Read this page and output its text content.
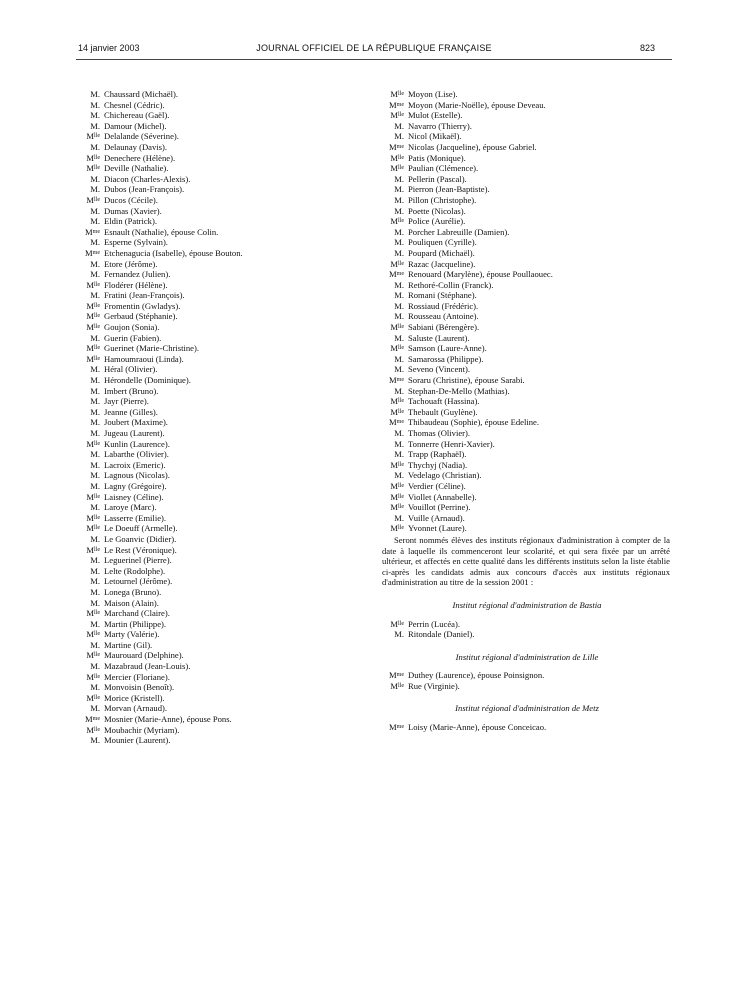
14 janvier 2003	JOURNAL OFFICIEL DE LA RÉPUBLIQUE FRANÇAISE	823
M. Chaussard (Michaël).
M. Chesnel (Cédric).
M. Chichereau (Gaël).
M. Damour (Michel).
$M^{lle}$ Delalande (Séverine).
M. Delaunay (Davis).
$M^{lle}$ Denechere (Hélène).
$M^{lle}$ Deville (Nathalie).
M. Diacon (Charles-Alexis).
M. Dubos (Jean-François).
$M^{lle}$ Ducos (Cécile).
M. Dumas (Xavier).
M. Eldin (Patrick).
$M^{me}$ Esnault (Nathalie), épouse Colin.
M. Esperne (Sylvain).
$M^{me}$ Etchenagucia (Isabelle), épouse Bouton.
M. Etore (Jérôme).
M. Fernandez (Julien).
$M^{lle}$ Flodérer (Hélène).
M. Fratini (Jean-François).
$M^{lle}$ Fromentin (Gwladys).
$M^{lle}$ Gerbaud (Stéphanie).
$M^{lle}$ Goujon (Sonia).
M. Guerin (Fabien).
$M^{lle}$ Guerinet (Marie-Christine).
$M^{lle}$ Hamoumraoui (Linda).
M. Héral (Olivier).
M. Hérondelle (Dominique).
M. Imbert (Bruno).
M. Jayr (Pierre).
M. Jeanne (Gilles).
M. Joubert (Maxime).
M. Jugeau (Laurent).
$M^{lle}$ Kunlin (Laurence).
M. Labarthe (Olivier).
M. Lacroix (Emeric).
M. Lagnous (Nicolas).
M. Lagny (Grégoire).
$M^{lle}$ Laisney (Céline).
M. Laroye (Marc).
$M^{lle}$ Lasserre (Emilie).
$M^{lle}$ Le Doeuff (Armelle).
M. Le Goanvic (Didier).
$M^{lle}$ Le Rest (Véronique).
M. Leguerinel (Pierre).
M. Lelte (Rodolphe).
M. Letournel (Jérôme).
M. Lonega (Bruno).
M. Maison (Alain).
$M^{lle}$ Marchand (Claire).
M. Martin (Philippe).
$M^{lle}$ Marty (Valérie).
M. Martine (Gil).
$M^{lle}$ Maurouard (Delphine).
M. Mazabraud (Jean-Louis).
$M^{lle}$ Mercier (Floriane).
M. Monvoisin (Benoît).
$M^{lle}$ Morice (Kristell).
M. Morvan (Arnaud).
$M^{me}$ Mosnier (Marie-Anne), épouse Pons.
$M^{lle}$ Moubachir (Myriam).
M. Mounier (Laurent).
$M^{lle}$ Moyon (Lise).
$M^{me}$ Moyon (Marie-Noëlle), épouse Deveau.
$M^{lle}$ Mulot (Estelle).
M. Navarro (Thierry).
M. Nicol (Mikaël).
$M^{me}$ Nicolas (Jacqueline), épouse Gabriel.
$M^{lle}$ Patis (Monique).
$M^{lle}$ Paulian (Clémence).
M. Pellerin (Pascal).
M. Pierron (Jean-Baptiste).
M. Pillon (Christophe).
M. Poette (Nicolas).
$M^{lle}$ Police (Aurélie).
M. Porcher Labreuille (Damien).
M. Pouliquen (Cyrille).
M. Poupard (Michaël).
$M^{lle}$ Razac (Jacqueline).
$M^{me}$ Renouard (Marylène), épouse Poullaouec.
M. Rethoré-Collin (Franck).
M. Romani (Stéphane).
M. Rossiaud (Frédéric).
M. Rousseau (Antoine).
$M^{lle}$ Sabiani (Bérengère).
M. Saluste (Laurent).
$M^{lle}$ Samson (Laure-Anne).
M. Samarossa (Philippe).
M. Seveno (Vincent).
$M^{me}$ Soraru (Christine), épouse Sarabi.
M. Stephan-De-Mello (Mathias).
$M^{lle}$ Tachouaft (Hassina).
$M^{lle}$ Thebault (Guylène).
$M^{me}$ Thibaudeau (Sophie), épouse Edeline.
M. Thomas (Olivier).
M. Tonnerre (Henri-Xavier).
M. Trapp (Raphaël).
$M^{lle}$ Thychyj (Nadia).
M. Vedelago (Christian).
$M^{lle}$ Verdier (Céline).
$M^{lle}$ Viollet (Annabelle).
$M^{lle}$ Vouillot (Perrine).
M. Vuille (Arnaud).
$M^{lle}$ Yvonnet (Laure).
Seront nommés élèves des instituts régionaux d'administration à compter de la date à laquelle ils commenceront leur scolarité, et qui sera fixée par un arrêté ultérieur, et affectés en cette qualité dans les différents instituts selon la liste établie ci-après les candidats admis aux concours d'accès aux instituts régionaux d'administration au titre de la session 2001 :
Institut régional d'administration de Bastia
$M^{lle}$ Perrin (Lucéa).
M. Ritondale (Daniel).
Institut régional d'administration de Lille
$M^{me}$ Duthey (Laurence), épouse Poinsignon.
$M^{lle}$ Rue (Virginie).
Institut régional d'administration de Metz
$M^{me}$ Loisy (Marie-Anne), épouse Conceicao.
